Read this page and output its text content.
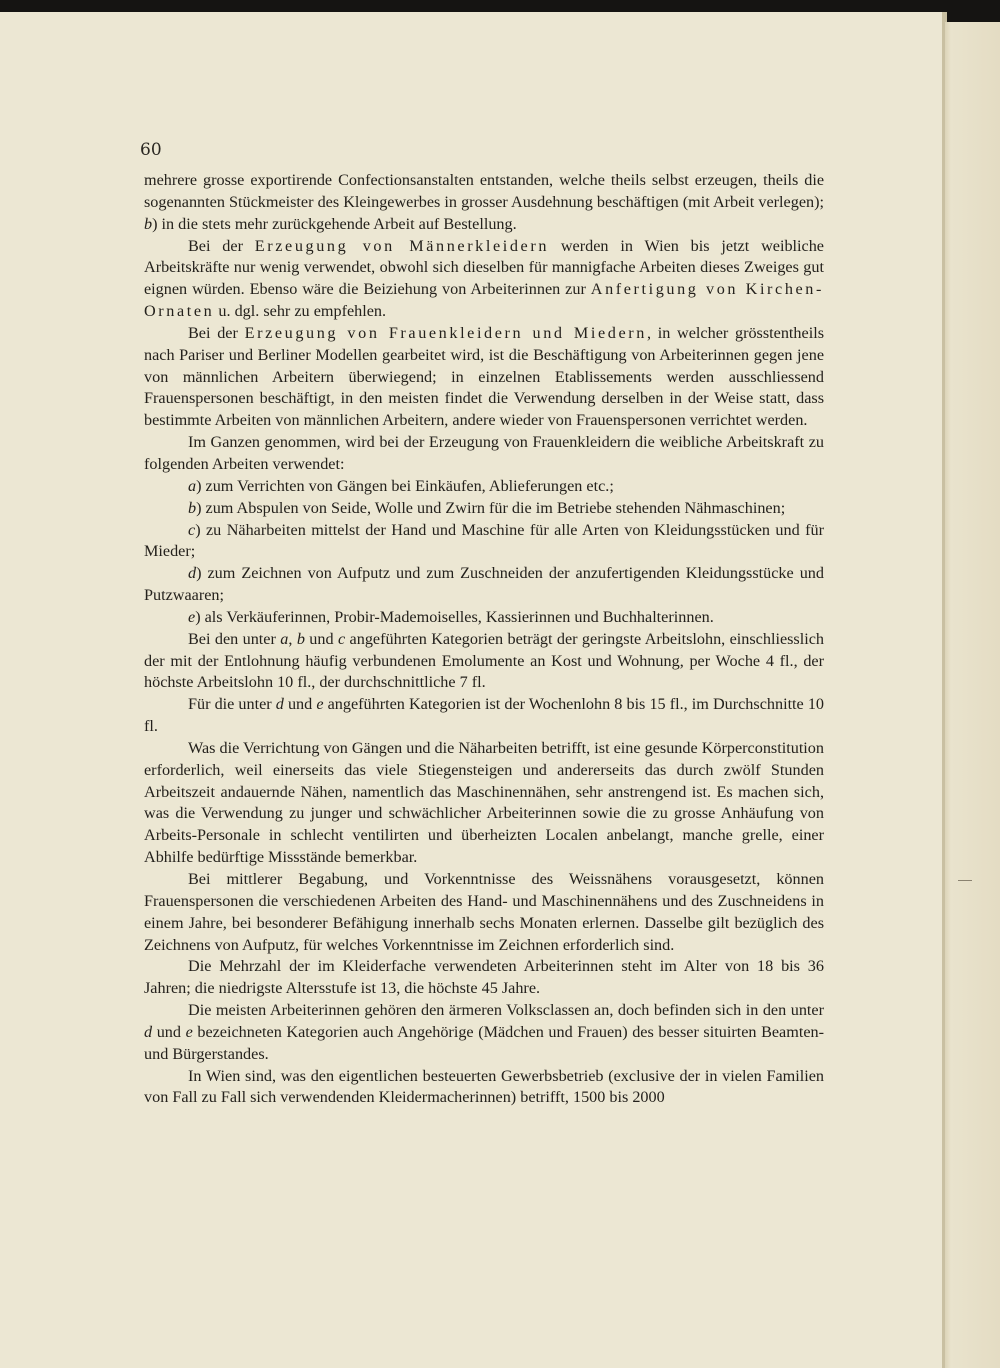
60

mehrere grosse exportirende Confectionsanstalten entstanden, welche theils selbst erzeugen, theils die sogenannten Stückmeister des Kleingewerbes in grosser Ausdehnung beschäftigen (mit Arbeit verlegen); b) in die stets mehr zurückgehende Arbeit auf Bestellung.

Bei der Erzeugung von Männerkleidern werden in Wien bis jetzt weibliche Arbeitskräfte nur wenig verwendet, obwohl sich dieselben für mannigfache Arbeiten dieses Zweiges gut eignen würden. Ebenso wäre die Beiziehung von Arbeiterinnen zur Anfertigung von Kirchen-Ornaten u. dgl. sehr zu empfehlen.

Bei der Erzeugung von Frauenkleidern und Miedern, in welcher grösstentheils nach Pariser und Berliner Modellen gearbeitet wird, ist die Beschäftigung von Arbeiterinnen gegen jene von männlichen Arbeitern überwiegend; in einzelnen Etablissements werden ausschliessend Frauenspersonen beschäftigt, in den meisten findet die Verwendung derselben in der Weise statt, dass bestimmte Arbeiten von männlichen Arbeitern, andere wieder von Frauenspersonen verrichtet werden.

Im Ganzen genommen, wird bei der Erzeugung von Frauenkleidern die weibliche Arbeitskraft zu folgenden Arbeiten verwendet:

a) zum Verrichten von Gängen bei Einkäufen, Ablieferungen etc.;

b) zum Abspulen von Seide, Wolle und Zwirn für die im Betriebe stehenden Nähmaschinen;

c) zu Näharbeiten mittelst der Hand und Maschine für alle Arten von Kleidungsstücken und für Mieder;

d) zum Zeichnen von Aufputz und zum Zuschneiden der anzufertigenden Kleidungsstücke und Putzwaaren;

e) als Verkäuferinnen, Probir-Mademoiselles, Kassierinnen und Buchhalterinnen.

Bei den unter a, b und c angeführten Kategorien beträgt der geringste Arbeitslohn, einschliesslich der mit der Entlohnung häufig verbundenen Emolumente an Kost und Wohnung, per Woche 4 fl., der höchste Arbeitslohn 10 fl., der durchschnittliche 7 fl.

Für die unter d und e angeführten Kategorien ist der Wochenlohn 8 bis 15 fl., im Durchschnitte 10 fl.

Was die Verrichtung von Gängen und die Näharbeiten betrifft, ist eine gesunde Körperconstitution erforderlich, weil einerseits das viele Stiegensteigen und andererseits das durch zwölf Stunden Arbeitszeit andauernde Nähen, namentlich das Maschinennähen, sehr anstrengend ist. Es machen sich, was die Verwendung zu junger und schwächlicher Arbeiterinnen sowie die zu grosse Anhäufung von Arbeits-Personale in schlecht ventilirten und überheizten Localen anbelangt, manche grelle, einer Abhilfe bedürftige Missstände bemerkbar.

Bei mittlerer Begabung, und Vorkenntnisse des Weissnähens vorausgesetzt, können Frauenspersonen die verschiedenen Arbeiten des Hand- und Maschinennähens und des Zuschneidens in einem Jahre, bei besonderer Befähigung innerhalb sechs Monaten erlernen. Dasselbe gilt bezüglich des Zeichnens von Aufputz, für welches Vorkenntnisse im Zeichnen erforderlich sind.

Die Mehrzahl der im Kleiderfache verwendeten Arbeiterinnen steht im Alter von 18 bis 36 Jahren; die niedrigste Altersstufe ist 13, die höchste 45 Jahre.

Die meisten Arbeiterinnen gehören den ärmeren Volksclassen an, doch befinden sich in den unter d und e bezeichneten Kategorien auch Angehörige (Mädchen und Frauen) des besser situirten Beamten- und Bürgerstandes.

In Wien sind, was den eigentlichen besteuerten Gewerbsbetrieb (exclusive der in vielen Familien von Fall zu Fall sich verwendenden Kleidermacherinnen) betrifft, 1500 bis 2000
